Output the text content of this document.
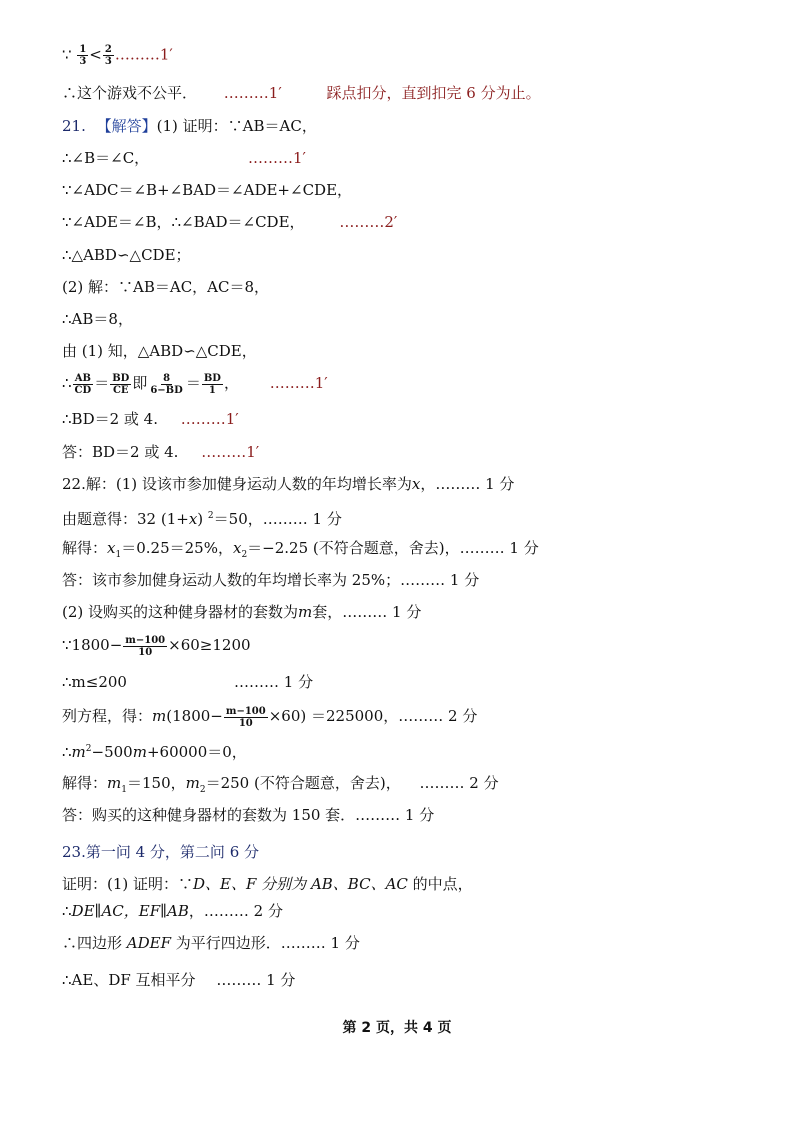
∵ $\frac{1}{3} < \frac{2}{3}$ ………1′
∴这个游戏不公平． ………1′	踩点扣分，直到扣完 6 分为止。
21. 【解答】(1) 证明：∵AB＝AC，
∴∠B＝∠C，	………1′
∵∠ADC＝∠B+∠BAD＝∠ADE+∠CDE，
∵∠ADE＝∠B，∴∠BAD＝∠CDE， ………2′
∴△ABD∽△CDE；
(2) 解：∵AB＝AC，AC＝8，
∴AB＝8，
由 (1) 知，△ABD∽△CDE，
∴ $\frac{AB}{CD} = \frac{BD}{CE}$ 即 $\frac{8}{6-BD} = \frac{BD}{1}$ ， ………1′
∴BD＝2 或 4. ………1′
答：BD＝2 或 4. ………1′
22.解：(1) 设该市参加健身运动人数的年均增长率为x，……… 1 分
由题意得：32 (1+x) $^2$＝50，……… 1 分
解得：$x_1=0.25=25\%$，$x_2=-2.25$ (不符合题意，舍去)，……… 1 分
答：该市参加健身运动人数的年均增长率为 25%；……… 1 分
(2) 设购买的这种健身器材的套数为m套，……… 1 分
∵1800− $\frac{m-100}{10} \times 60\ge 1200$
∴m≤200	……… 1 分
列方程，得：$m(1800- \frac{m-100}{10} \times 60) =225000$，……… 2 分
$\therefore m^2-500m+60000=0$，
解得：$m_1=150$，$m_2=250$ (不符合题意，舍去)， ……… 2 分
答：购买的这种健身器材的套数为 150 套．……… 1 分
23.第一问 4 分，第二问 6 分
证明：(1) 证明：∵D、E、F 分别为 AB、BC、AC 的中点，
∴DE∥AC，EF∥AB，……… 2 分
∴四边形 ADEF 为平行四边形．……… 1 分
∴AE、DF 互相平分 ……… 1 分
第 2 页，共 4 页
